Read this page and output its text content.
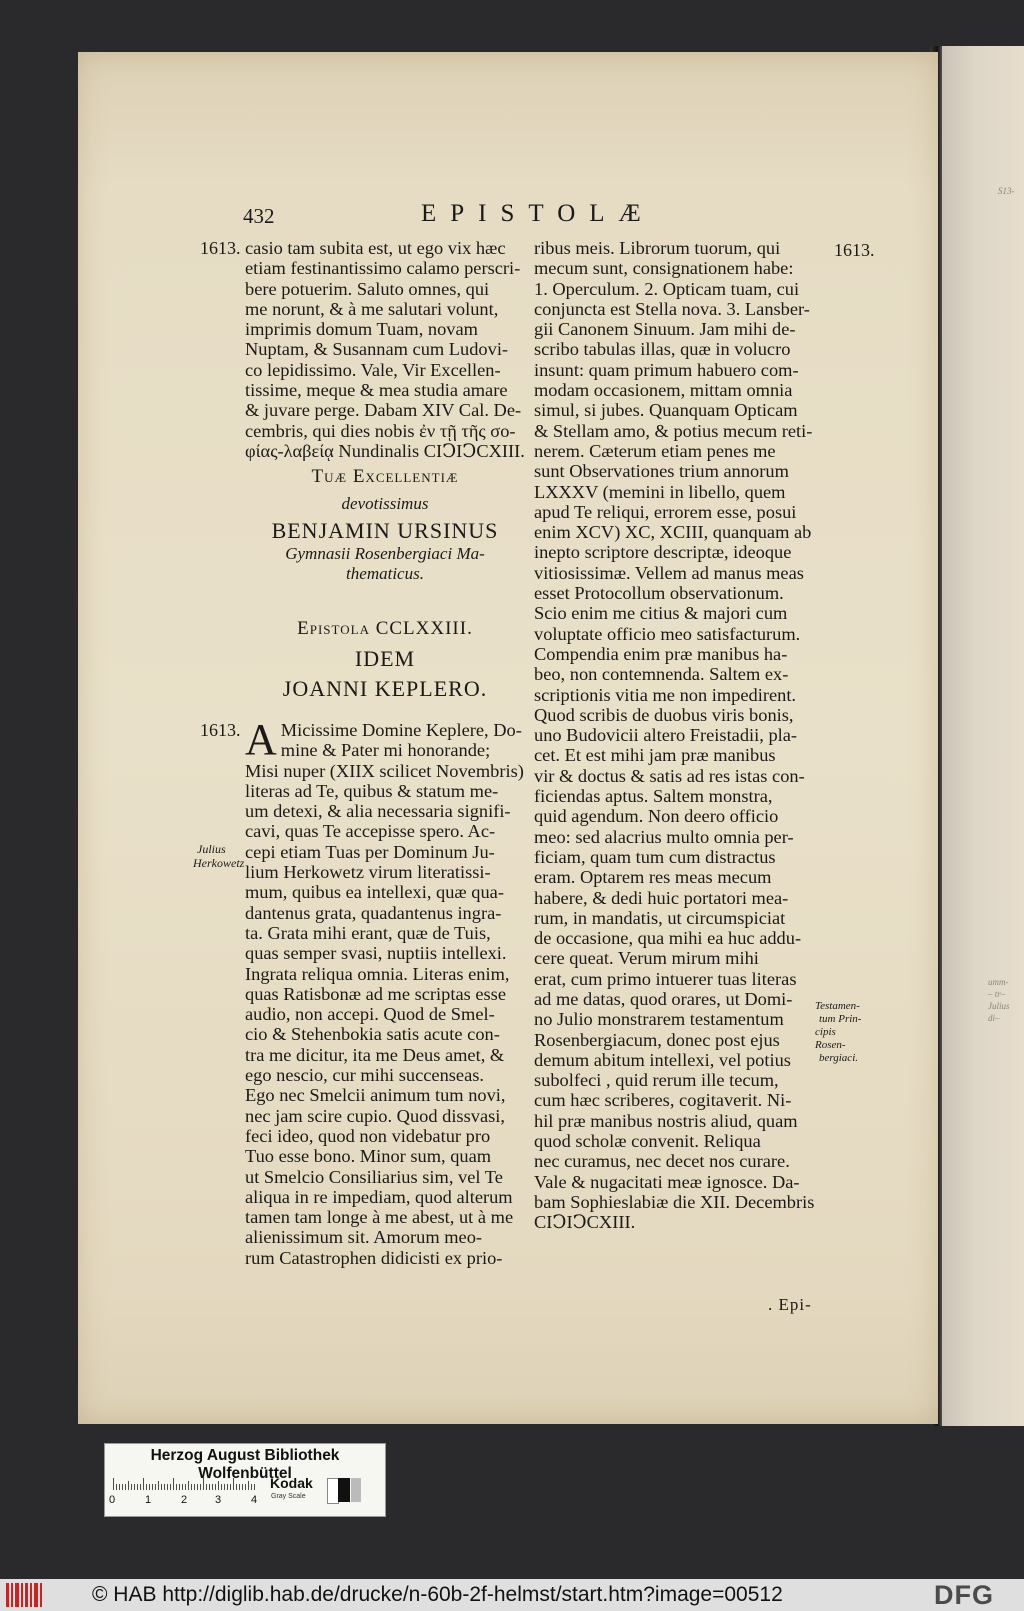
S13-
umm-
– tr–
Julius
di–
432	EPISTOLÆ
1613.	1613.
casio tam subita est, ut ego vix hæc
etiam festinantissimo calamo perscri-
bere potuerim. Saluto omnes, qui
me norunt, & à me salutari volunt,
imprimis domum Tuam, novam
Nuptam, & Susannam cum Ludovi-
co lepidissimo. Vale, Vir Excellen-
tissime, meque & mea studia amare
& juvare perge. Dabam XIV Cal. De-
cembris, qui dies nobis ἐν τῇ τῆς σο-
φίας-λαβείᾳ Nundinalis CIↃIↃCXIII.
Tuæ Excellentiæ
devotissimus
BENJAMIN URSINUS
Gymnasii Rosenbergiaci Ma-
thematicus.
Epistola CCLXXIII.
IDEM
JOANNI KEPLERO.
1613. A Micissime Domine Keplere, Do-
mine & Pater mi honorande;
Misi nuper (XIIX scilicet Novembris)
literas ad Te, quibus & statum me-
um detexi, & alia necessaria signifi-
cavi, quas Te accepisse spero. Ac-
cepi etiam Tuas per Dominum Ju-
lium Herkowetz virum literatissi-
mum, quibus ea intellexi, quæ qua-
dantenus grata, quadantenus ingra-
ta. Grata mihi erant, quæ de Tuis,
quas semper svasi, nuptiis intellexi.
Ingrata reliqua omnia. Literas enim,
quas Ratisbonæ ad me scriptas esse
audio, non accepi. Quod de Smel-
cio & Stehenbokia satis acute con-
tra me dicitur, ita me Deus amet, &
ego nescio, cur mihi succenseas.
Ego nec Smelcii animum tum novi,
nec jam scire cupio. Quod dissvasi,
feci ideo, quod non videbatur pro
Tuo esse bono. Minor sum, quam
ut Smelcio Consiliarius sim, vel Te
aliqua in re impediam, quod alterum
tamen tam longe à me abest, ut à me
alienissimum sit. Amorum meo-
rum Catastrophen didicisti ex prio-
Julius
Herkowetz
ribus meis. Librorum tuorum, qui
mecum sunt, consignationem habe:
1. Operculum. 2. Opticam tuam, cui
conjuncta est Stella nova. 3. Lansber-
gii Canonem Sinuum. Jam mihi de-
scribo tabulas illas, quæ in volucro
insunt: quam primum habuero com-
modam occasionem, mittam omnia
simul, si jubes. Quanquam Opticam
& Stellam amo, & potius mecum reti-
nerem. Cæterum etiam penes me
sunt Observationes trium annorum
LXXXV (memini in libello, quem
apud Te reliqui, errorem esse, posui
enim XCV) XC, XCIII, quanquam ab
inepto scriptore descriptæ, ideoque
vitiosissimæ. Vellem ad manus meas
esset Protocollum observationum.
Scio enim me citius & majori cum
voluptate officio meo satisfacturum.
Compendia enim præ manibus ha-
beo, non contemnenda. Saltem ex-
scriptionis vitia me non impedirent.
Quod scribis de duobus viris bonis,
uno Budovicii altero Freistadii, pla-
cet. Et est mihi jam præ manibus
vir & doctus & satis ad res istas con-
ficiendas aptus. Saltem monstra,
quid agendum. Non deero officio
meo: sed alacrius multo omnia per-
ficiam, quam tum cum distractus
eram. Optarem res meas mecum
habere, & dedi huic portatori mea-
rum, in mandatis, ut circumspiciat
de occasione, qua mihi ea huc addu-
cere queat. Verum mirum mihi
erat, cum primo intuerer tuas literas
ad me datas, quod orares, ut Domi-
no Julio monstrarem testamentum
Rosenbergiacum, donec post ejus
demum abitum intellexi, vel potius
subolfeci , quid rerum ille tecum,
cum hæc scriberes, cogitaverit. Ni-
hil præ manibus nostris aliud, quam
quod scholæ convenit. Reliqua
nec curamus, nec decet nos curare.
Vale & nugacitati meæ ignosce. Da-
bam Sophieslabiæ die XII. Decembris
CIↃIↃCXIII.
Testamen-
tum Prin-
cipis Rosen-
bergiaci.
. Epi-
Herzog August Bibliothek Wolfenbüttel
0	1	2	3	4
Kodak
Gray Scale
© HAB http://diglib.hab.de/drucke/n-60b-2f-helmst/start.htm?image=00512	DFG
